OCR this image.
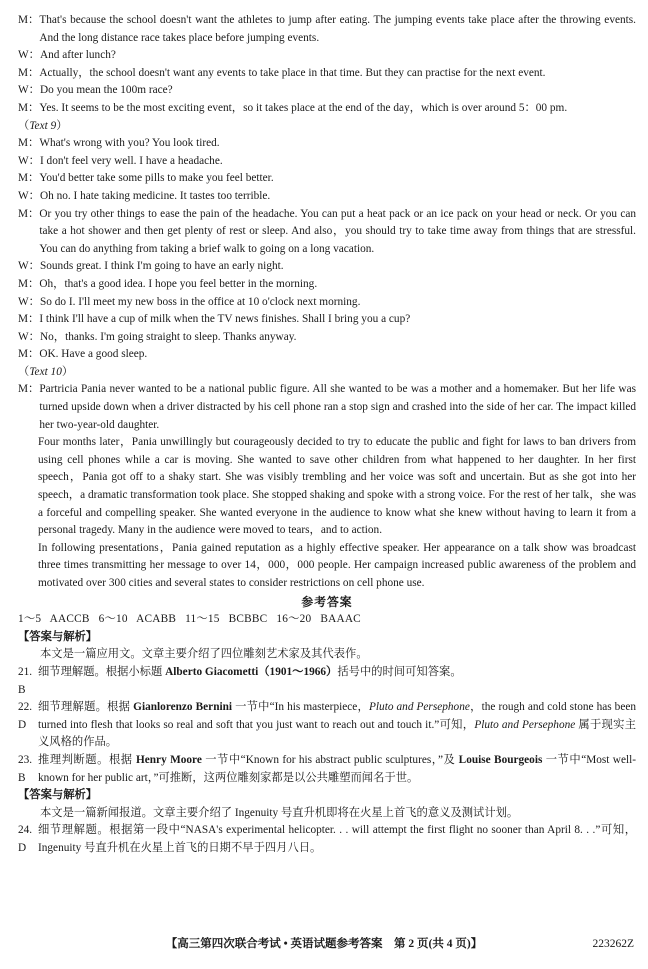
M： That's because the school doesn't want the athletes to jump after eating. The jumping events take place after the throwing events. And the long distance race takes place before jumping events.
W： And after lunch?
M： Actually，the school doesn't want any events to take place in that time. But they can practise for the next event.
W： Do you mean the 100m race?
M： Yes. It seems to be the most exciting event，so it takes place at the end of the day，which is over around 5：00 pm.
（Text 9）
M： What's wrong with you? You look tired.
W： I don't feel very well. I have a headache.
M： You'd better take some pills to make you feel better.
W： Oh no. I hate taking medicine. It tastes too terrible.
M： Or you try other things to ease the pain of the headache. You can put a heat pack or an ice pack on your head or neck. Or you can take a hot shower and then get plenty of rest or sleep. And also，you should try to take time away from things that are stressful. You can do anything from taking a brief walk to going on a long vacation.
W： Sounds great. I think I'm going to have an early night.
M： Oh，that's a good idea. I hope you feel better in the morning.
W： So do I. I'll meet my new boss in the office at 10 o'clock next morning.
M： I think I'll have a cup of milk when the TV news finishes. Shall I bring you a cup?
W： No，thanks. I'm going straight to sleep. Thanks anyway.
M： OK. Have a good sleep.
（Text 10）
M： Partricia Pania never wanted to be a national public figure. All she wanted to be was a mother and a homemaker. But her life was turned upside down when a driver distracted by his cell phone ran a stop sign and crashed into the side of her car. The impact killed her two-year-old daughter.
Four months later，Pania unwillingly but courageously decided to try to educate the public and fight for laws to ban drivers from using cell phones while a car is moving. She wanted to save other children from what happened to her daughter. In her first speech，Pania got off to a shaky start. She was visibly trembling and her voice was soft and uncertain. But as she got into her speech，a dramatic transformation took place. She stopped shaking and spoke with a strong voice. For the rest of her talk，she was a forceful and compelling speaker. She wanted everyone in the audience to know what she knew without having to learn it from a personal tragedy. Many in the audience were moved to tears，and to action.
In following presentations，Pania gained reputation as a highly effective speaker. Her appearance on a talk show was broadcast three times transmitting her message to over 14，000，000 people. Her campaign increased public awareness of the problem and motivated over 300 cities and several states to consider restrictions on cell phone use.
参考答案
1～5   AACCB   6～10   ACABB   11～15   BCBBC   16～20   BAAAC
【答案与解析】
本文是一篇应用文。文章主要介绍了四位雕刻艺术家及其代表作。
21. B
细节理解题。根据小标题 Alberto Giacometti（1901～1966）括号中的时间可知答案。
22. D
细节理解题。根据 Gianlorenzo Bernini 一节中“In his masterpiece，Pluto and Persephone，the rough and cold stone has been turned into flesh that looks so real and soft that you just want to reach out and touch it.”可知，Pluto and Persephone 属于现实主义风格的作品。
23. B
推理判断题。根据 Henry Moore 一节中“Known for his abstract public sculptures，”及 Louise Bourgeois 一节中“Most well-known for her public art，”可推断，这两位雕刻家都是以公共雕塑而闻名于世。
【答案与解析】
本文是一篇新闻报道。文章主要介绍了 Ingenuity 号直升机即将在火星上首飞的意义及测试计划。
24. D
细节理解题。根据第一段中“NASA's experimental helicopter. . . will attempt the first flight no sooner than April 8. . .”可知，Ingenuity 号直升机在火星上首飞的日期不早于四月八日。
【高三第四次联合考试 • 英语试题参考答案　第 2 页(共 4 页)】	223262Z
